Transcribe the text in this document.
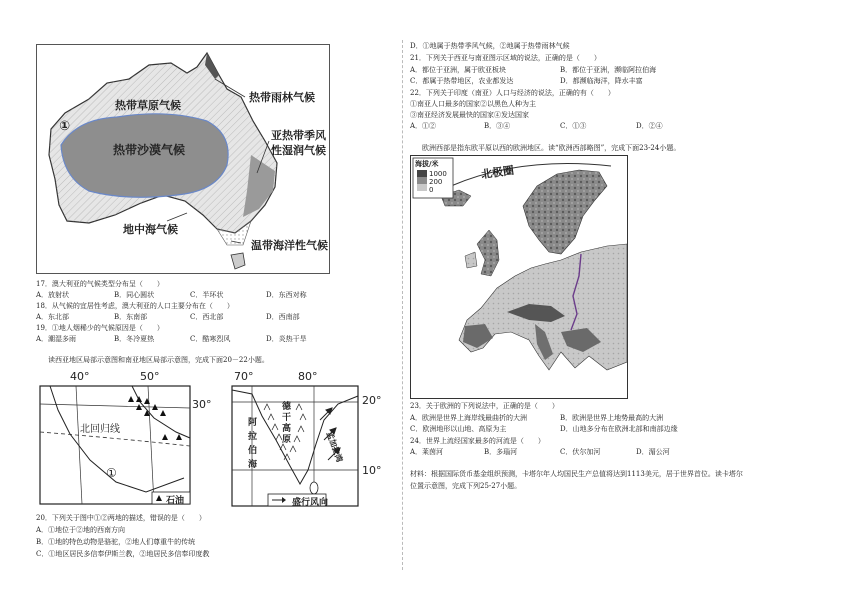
热带草原气候
热带雨林气候
热带沙漠气候
亚热带季风
性湿润气候
地中海气候
温带海洋性气候
①
17．澳大利亚的气候类型分布呈（　　）
A．放射状	B．同心圆状	C．半环状	D．东西对称
18．从气候的宜居性考虑，澳大利亚的人口主要分布在（　　）
A．东北部	B．东南部	C．西北部	D．西南部
19．①地人烟稀少的气候原因是（　　）
A．潮湿多雨	B．冬冷夏热	C．酷寒烈风	D．炎热干旱
读西亚地区局部示意图和南亚地区局部示意图，完成下面20－22小题。
40°	50°
30°
北回归线
①
石油
70°	80°
20°
10°
德
干
高
原
阿
拉
伯
海
孟加拉湾
盛行风向
20．下列关于图中①②两地的描述，错误的是（　　）
A．①地位于②地的西南方向
B．①地的特色动物是骆驼，②地人们尊重牛的传统
C．①地区居民多信奉伊斯兰教，②地居民多信奉印度教
D．①地属于热带季风气候，②地属于热带雨林气候
21．下列关于西亚与南亚图示区域的说法，正确的是（　　）
A．都位于亚洲，属于欧亚板块	B．都位于亚洲，濒临阿拉伯海
C．都属于热带地区，农业都发达	D．都濒临海洋，降水丰富
22．下列关于印度（南亚）人口与经济的说法，正确的有（　　）
①南亚人口最多的国家②以黑色人种为主
③南亚经济发展最快的国家④发达国家
A．①②	B．③④	C．①③	D．②④
欧洲西部是指东欧平原以西的欧洲地区。读“欧洲西部略图”，完成下面23-24小题。
海拔/米
1000
200
0
北极圈
23．关于欧洲的下列说法中，正确的是（　　）
A．欧洲是世界上海岸线最曲折的大洲	B．欧洲是世界上地势最高的大洲
C．欧洲地形以山地、高原为主	D．山地多分布在欧洲北部和南部边缘
24．世界上流经国家最多的河流是（　　）
A．莱茵河	B．多瑙河	C．伏尔加河	D．湄公河
材料：根据国际货币基金组织预测，卡塔尔年人均国民生产总值将达到1113美元，居于世界首位。读卡塔尔
位置示意图，完成下列25-27小题。
